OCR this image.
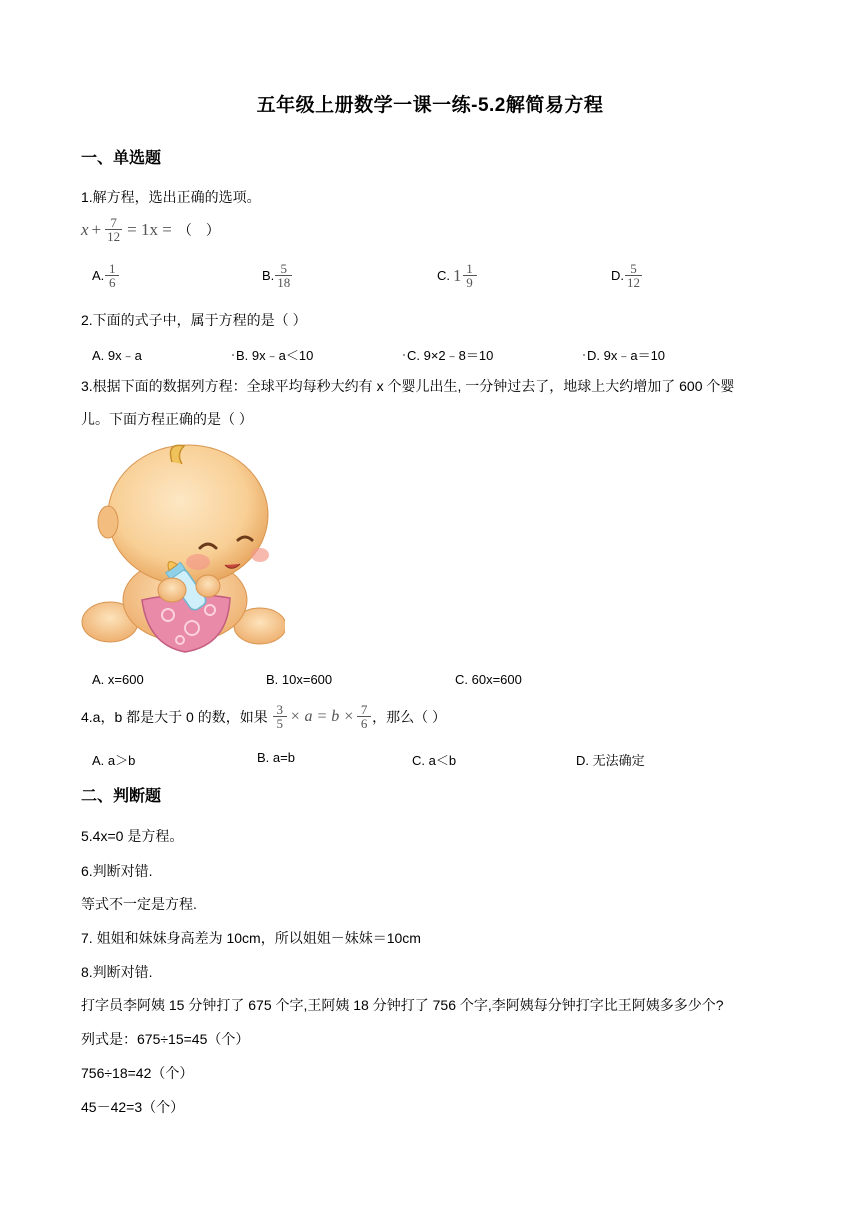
五年级上册数学一课一练-5.2解简易方程
一、单选题
1.解方程，选出正确的选项。
$x + \frac{7}{12} = 1x$ = （　）
A. $\frac{1}{6}$	B. $\frac{5}{18}$	C. $1 \frac{1}{9}$	D. $\frac{5}{12}$
2.下面的式子中，属于方程的是（ ）
A. 9x﹣a	B. 9x﹣a＜10	C. 9×2﹣8＝10	D. 9x﹣a＝10
3.根据下面的数据列方程：全球平均每秒大约有 x 个婴儿出生, 一分钟过去了，地球上大约增加了 600 个婴
儿。下面方程正确的是（ ）
A. x=600	B. 10x=600	C. 60x=600
4.a，b 都是大于 0 的数，如果 $\frac{3}{5} \times a = b \times \frac{7}{6}$ ，那么（ ）
A. a＞b	B. a=b	C. a＜b	D. 无法确定
二、判断题
5.4x=0 是方程。
6.判断对错.
等式不一定是方程.
7. 姐姐和妹妹身高差为 10cm，所以姐姐－妹妹＝10cm
8.判断对错.
打字员李阿姨 15 分钟打了 675 个字,王阿姨 18 分钟打了 756 个字,李阿姨每分钟打字比王阿姨多多少个?
列式是：675÷15=45（个）
756÷18=42（个）
45－42=3（个）
